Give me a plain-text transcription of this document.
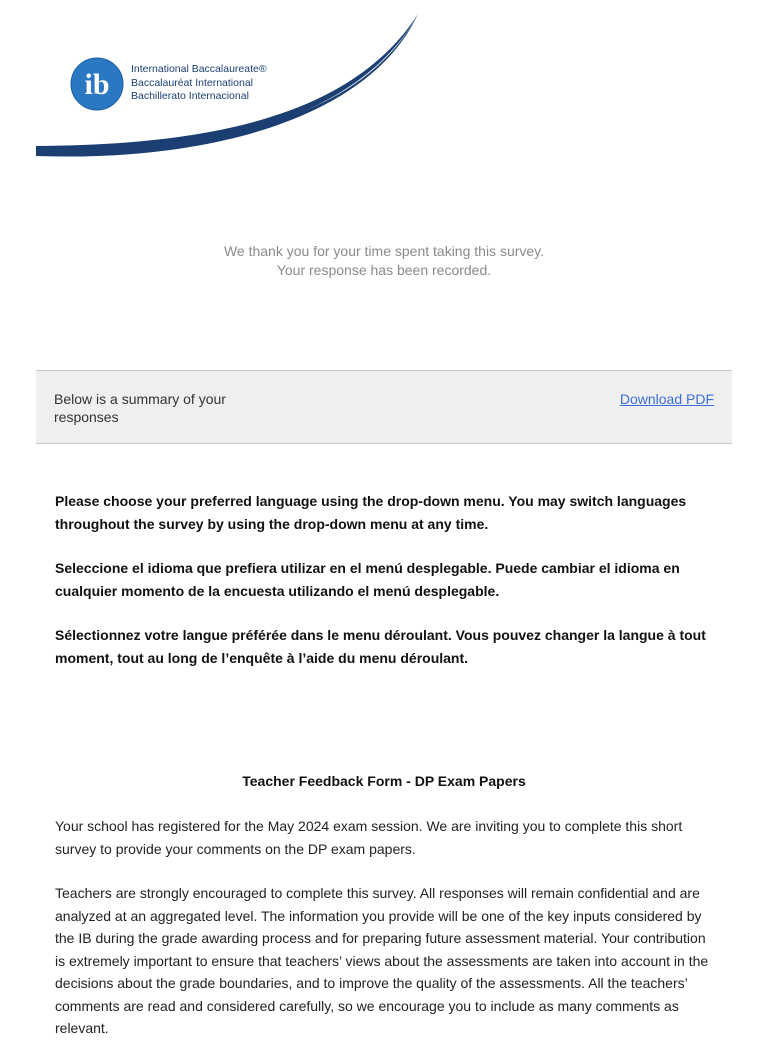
ib International Baccalaureate®
Baccalauréat International
Bachillerato Internacional
We thank you for your time spent taking this survey.
Your response has been recorded.
Below is a summary of your responses
Download PDF

Please choose your preferred language using the drop-down menu. You may switch languages throughout the survey by using the drop-down menu at any time.

Seleccione el idioma que prefiera utilizar en el menú desplegable. Puede cambiar el idioma en cualquier momento de la encuesta utilizando el menú desplegable.

Sélectionnez votre langue préférée dans le menu déroulant. Vous pouvez changer la langue à tout moment, tout au long de l’enquête à l’aide du menu déroulant.

Teacher Feedback Form - DP Exam Papers

Your school has registered for the May 2024 exam session. We are inviting you to complete this short survey to provide your comments on the DP exam papers.

Teachers are strongly encouraged to complete this survey. All responses will remain confidential and are analyzed at an aggregated level. The information you provide will be one of the key inputs considered by the IB during the grade awarding process and for preparing future assessment material. Your contribution is extremely important to ensure that teachers’ views about the assessments are taken into account in the decisions about the grade boundaries, and to improve the quality of the assessments. All the teachers’ comments are read and considered carefully, so we encourage you to include as many comments as relevant.
